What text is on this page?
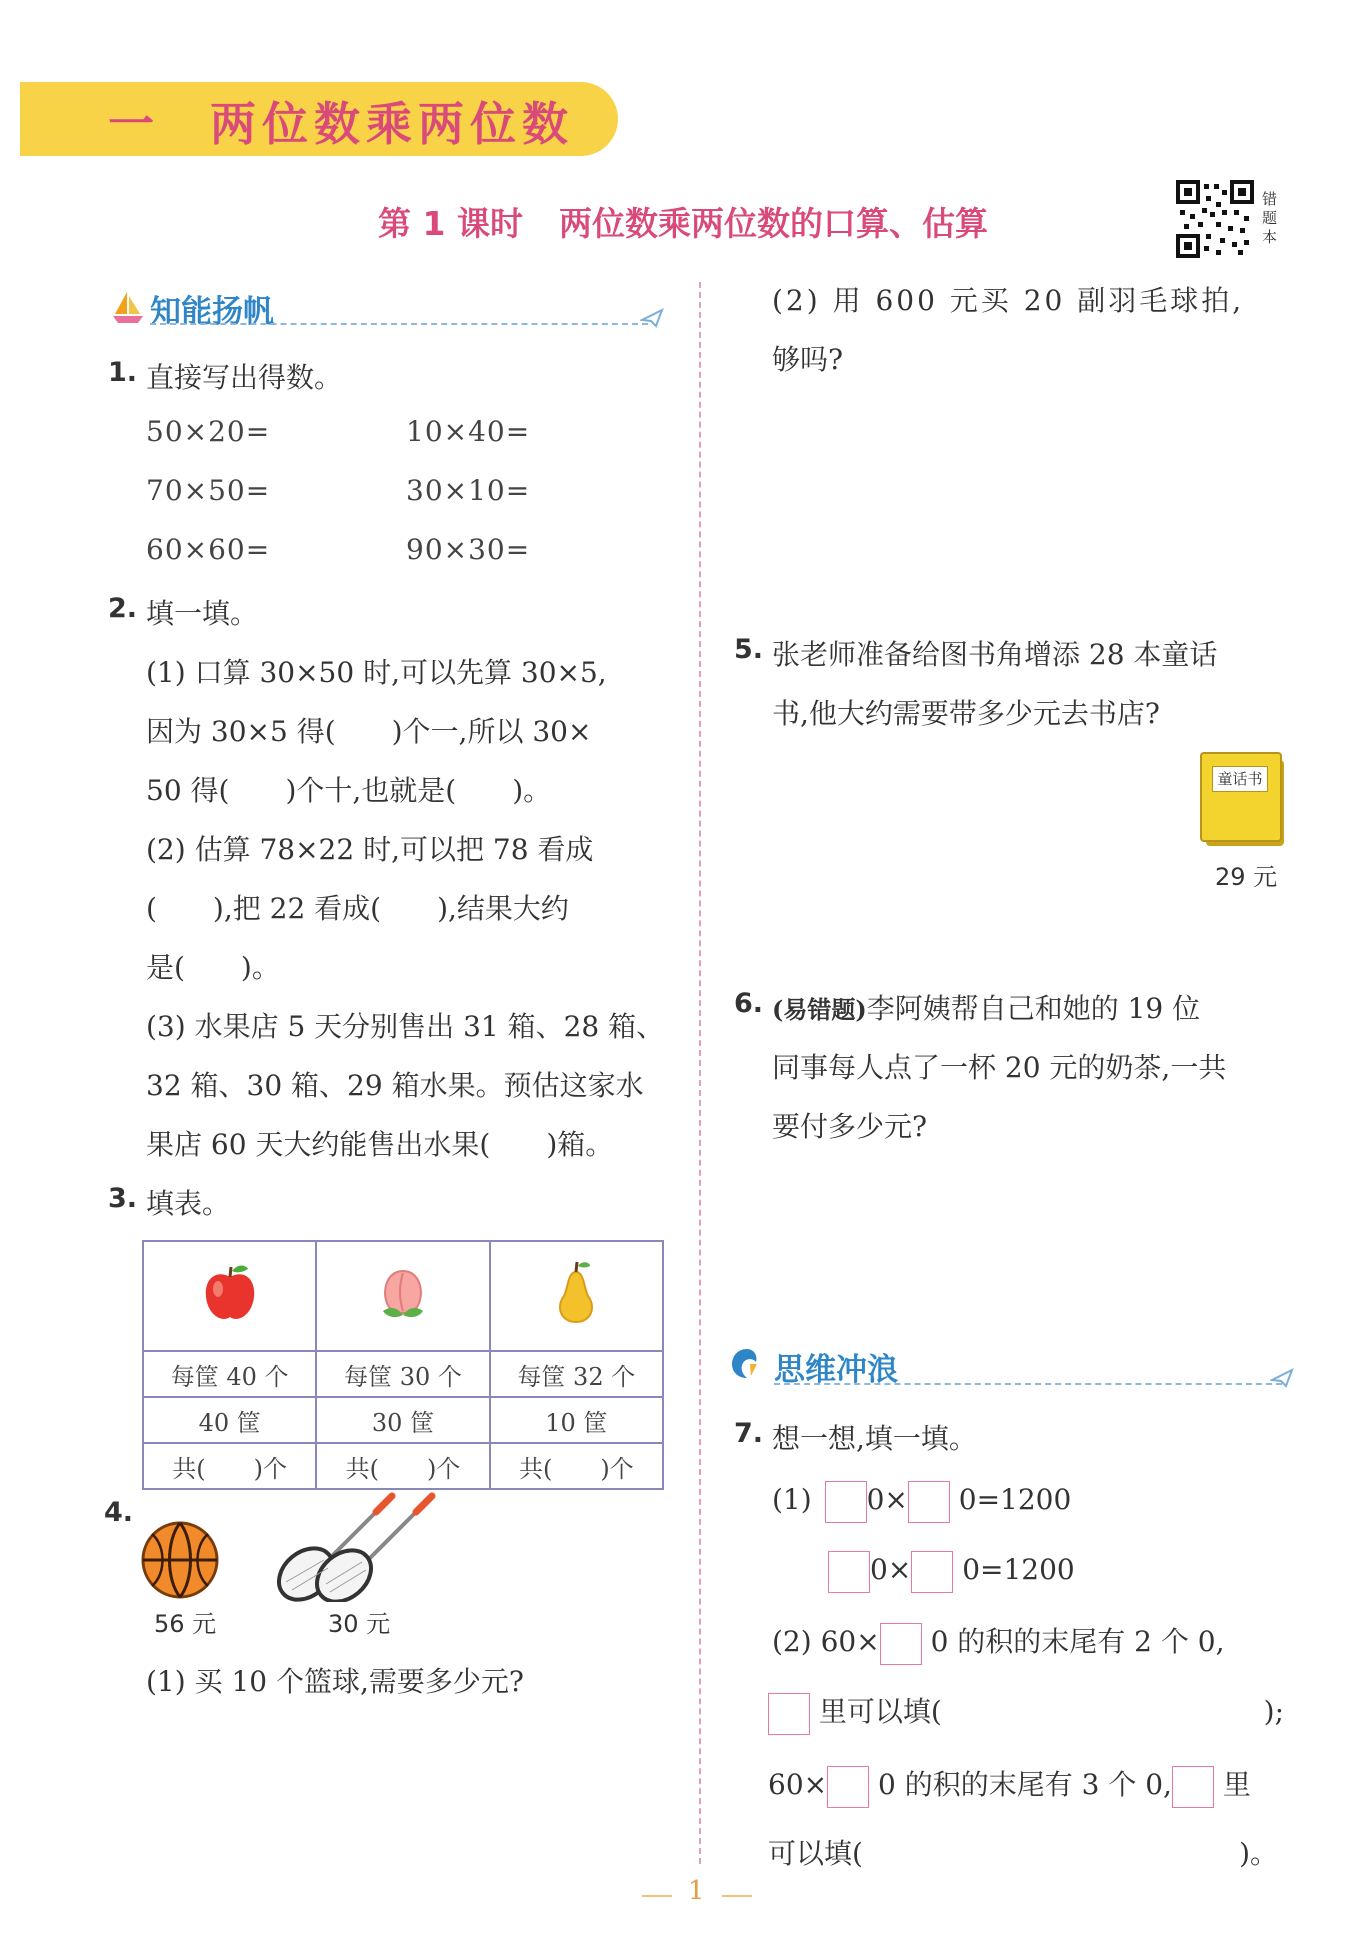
一 两位数乘两位数
第 1 课时 两位数乘两位数的口算、估算
错题本
知能扬帆
1. 直接写出得数。
50×20=	10×40=
70×50=	30×10=
60×60=	90×30=
2. 填一填。
(1) 口算 30×50 时,可以先算 30×5,
因为 30×5 得(　　)个一,所以 30×
50 得(　　)个十,也就是(　　)。
(2) 估算 78×22 时,可以把 78 看成
(　　),把 22 看成(　　),结果大约
是(　　)。
(3) 水果店 5 天分别售出 31 箱、28 箱、
32 箱、30 箱、29 箱水果。预估这家水
果店 60 天大约能售出水果(　　)箱。
3. 填表。

每筐 40 个	每筐 30 个	每筐 32 个
40 筐	30 筐	10 筐
共(　　)个	共(　　)个	共(　　)个
4.
56 元	30 元
(1) 买 10 个篮球,需要多少元?
(2) 用 600 元买 20 副羽毛球拍,
够吗?
5. 张老师准备给图书角增添 28 本童话
书,他大约需要带多少元去书店?
童话书
29 元
6. (易错题)李阿姨帮自己和她的 19 位
同事每人点了一杯 20 元的奶茶,一共
要付多少元?
思维冲浪
7. 想一想,填一填。
(1) 0× 0=1200
0× 0=1200
(2) 60× 0 的积的末尾有 2 个 0,
里可以填(	);
60× 0 的积的末尾有 3 个 0, 里
可以填(	)。
1
